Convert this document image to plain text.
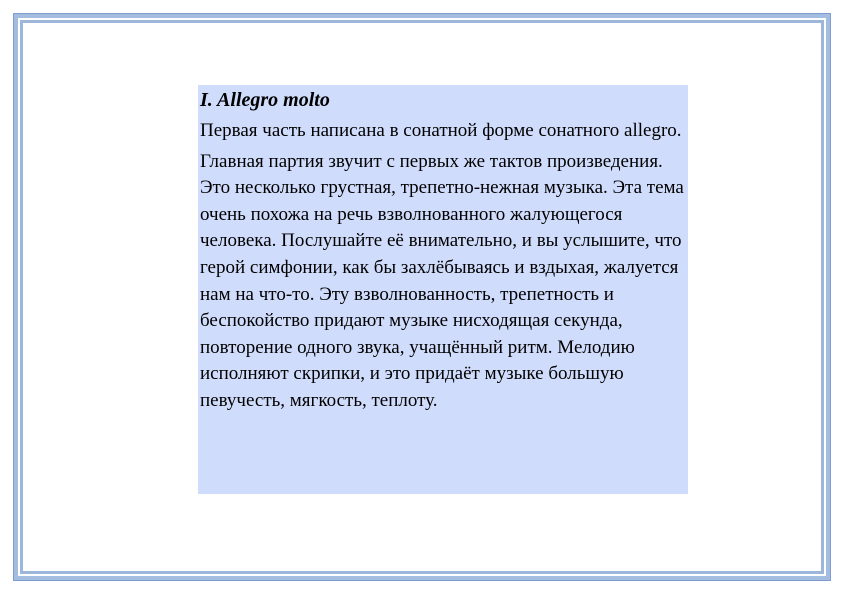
I. Allegro molto

Первая часть написана в сонатной форме сонатного allegro.

Главная партия звучит с первых же тактов произведения. Это несколько грустная, трепетно-нежная музыка. Эта тема очень похожа на речь взволнованного жалующегося человека. Послушайте её внимательно, и вы услышите, что герой симфонии, как бы захлёбываясь и вздыхая, жалуется нам на что-то. Эту взволнованность, трепетность и беспокойство придают музыке нисходящая секунда, повторение одного звука, учащённый ритм. Мелодию исполняют скрипки, и это придаёт музыке большую певучесть, мягкость, теплоту.
